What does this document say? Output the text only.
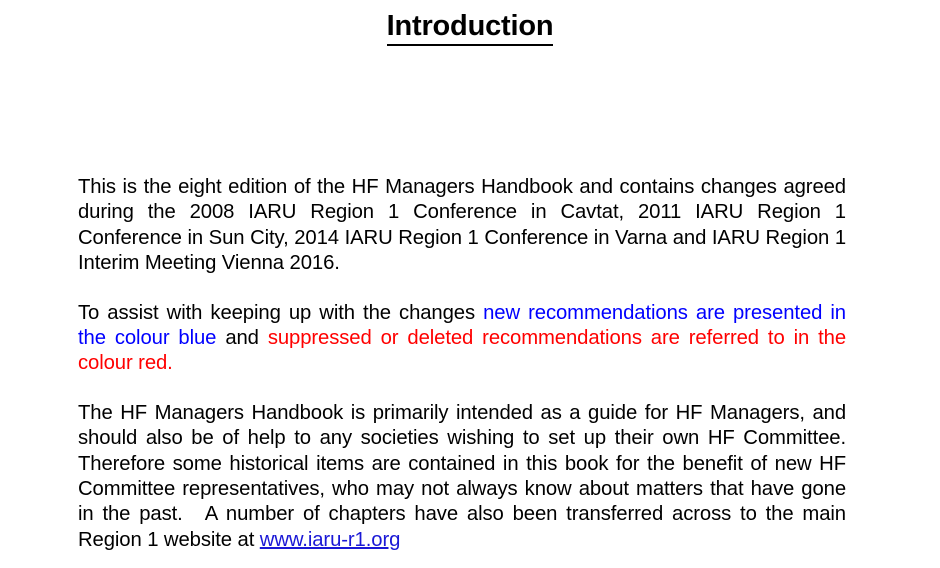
Introduction

This is the eight edition of the HF Managers Handbook and contains changes agreed during the 2008 IARU Region 1 Conference in Cavtat, 2011 IARU Region 1 Conference in Sun City, 2014 IARU Region 1 Conference in Varna and IARU Region 1 Interim Meeting Vienna 2016.

To assist with keeping up with the changes new recommendations are presented in the colour blue and suppressed or deleted recommendations are referred to in the colour red.

The HF Managers Handbook is primarily intended as a guide for HF Managers, and should also be of help to any societies wishing to set up their own HF Committee. Therefore some historical items are contained in this book for the benefit of new HF Committee representatives, who may not always know about matters that have gone in the past. A number of chapters have also been transferred across to the main Region 1 website at www.iaru-r1.org
